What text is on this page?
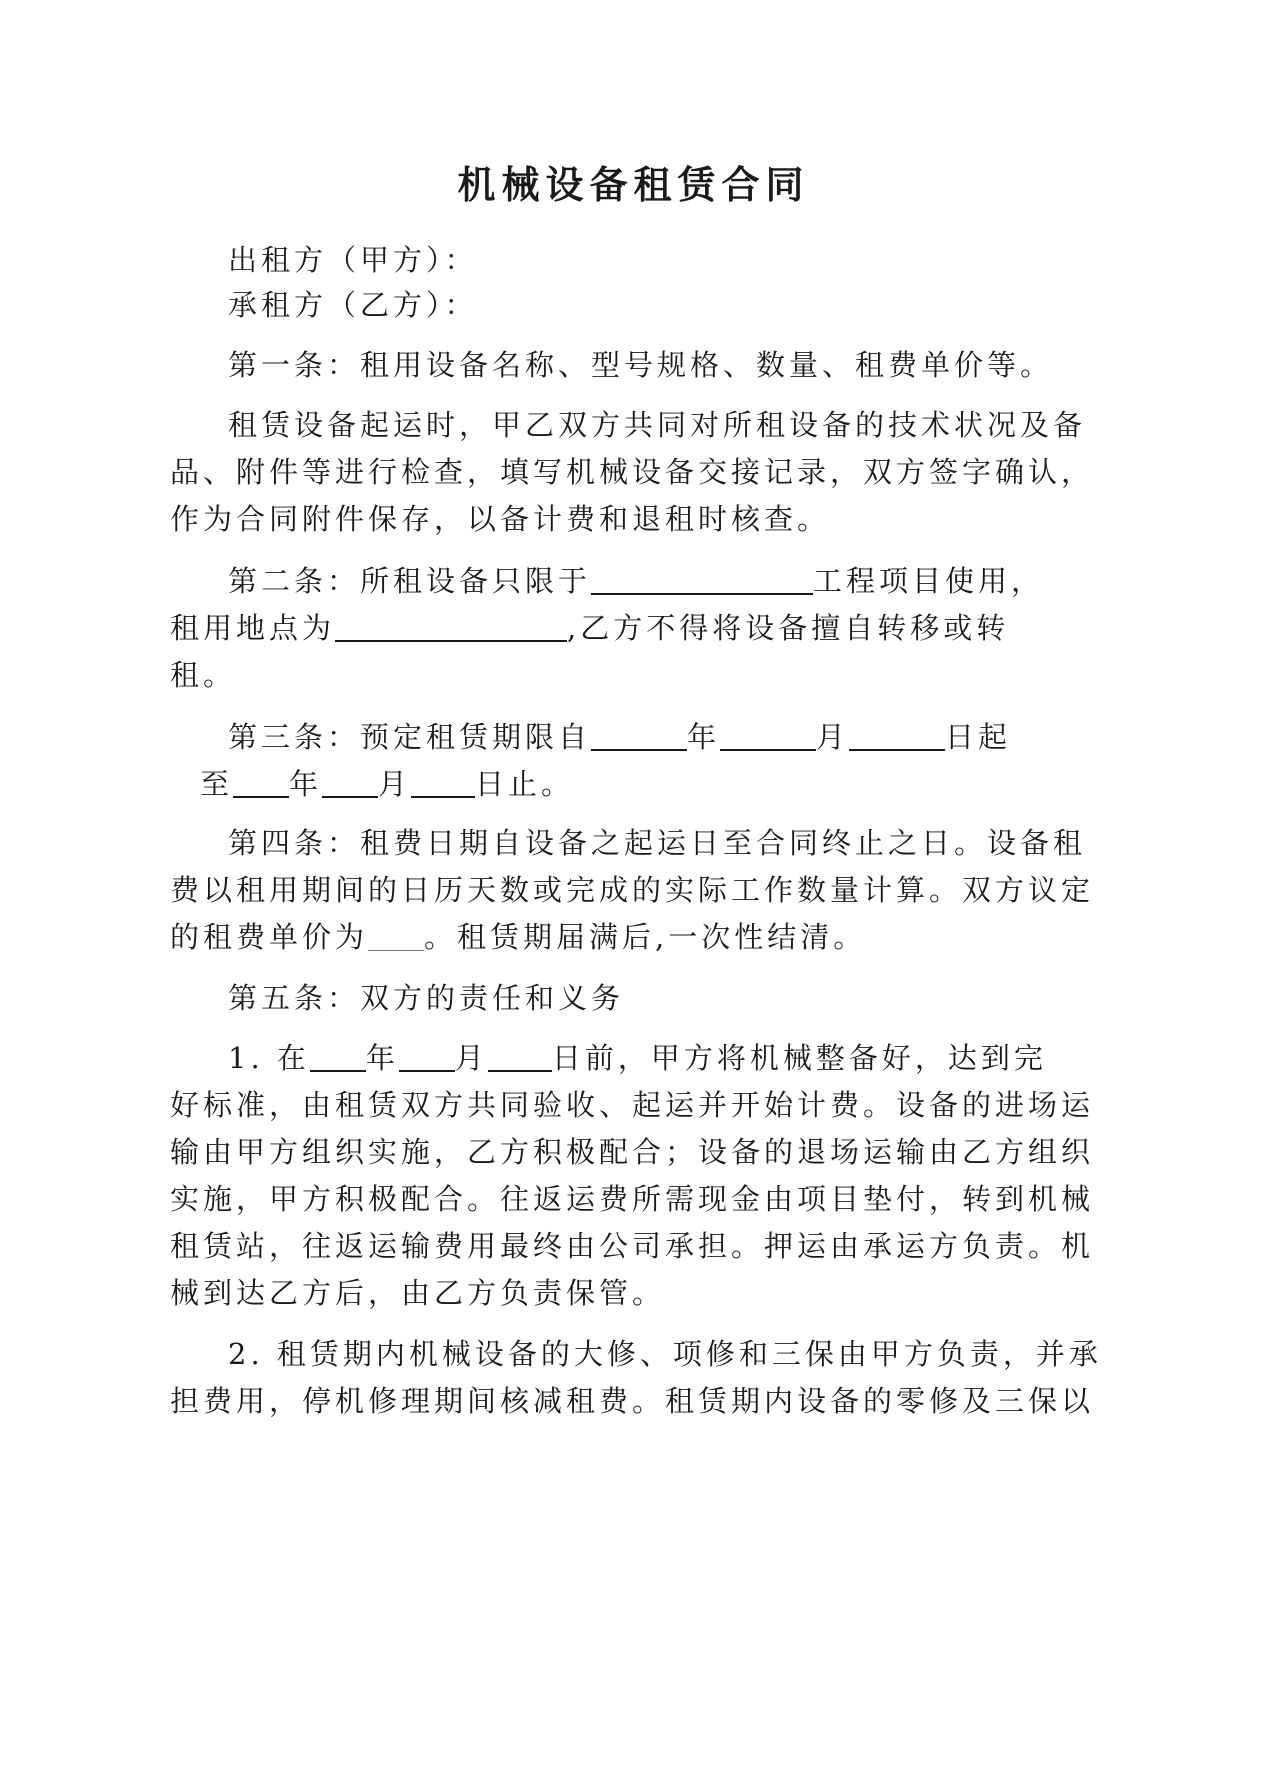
机械设备租赁合同
出租方（甲方）：
承租方（乙方）：
第一条：租用设备名称、型号规格、数量、租费单价等。
租赁设备起运时，甲乙双方共同对所租设备的技术状况及备
品、附件等进行检查，填写机械设备交接记录，双方签字确认，
作为合同附件保存，以备计费和退租时核查。
第二条：所租设备只限于	工程项目使用，
租用地点为	,乙方不得将设备擅自转移或转
租。
第三条：预定租赁期限自	年	月	日起
至 年 月 日止。
第四条：租费日期自设备之起运日至合同终止之日。设备租
费以租用期间的日历天数或完成的实际工作数量计算。双方议定
的租费单价为 。租赁期届满后,一次性结清。
第五条：双方的责任和义务
1. 在 年 月 日前，甲方将机械整备好，达到完
好标准，由租赁双方共同验收、起运并开始计费。设备的进场运
输由甲方组织实施，乙方积极配合；设备的退场运输由乙方组织
实施，甲方积极配合。往返运费所需现金由项目垫付，转到机械
租赁站，往返运输费用最终由公司承担。押运由承运方负责。机
械到达乙方后，由乙方负责保管。
2. 租赁期内机械设备的大修、项修和三保由甲方负责，并承
担费用，停机修理期间核减租费。租赁期内设备的零修及三保以
